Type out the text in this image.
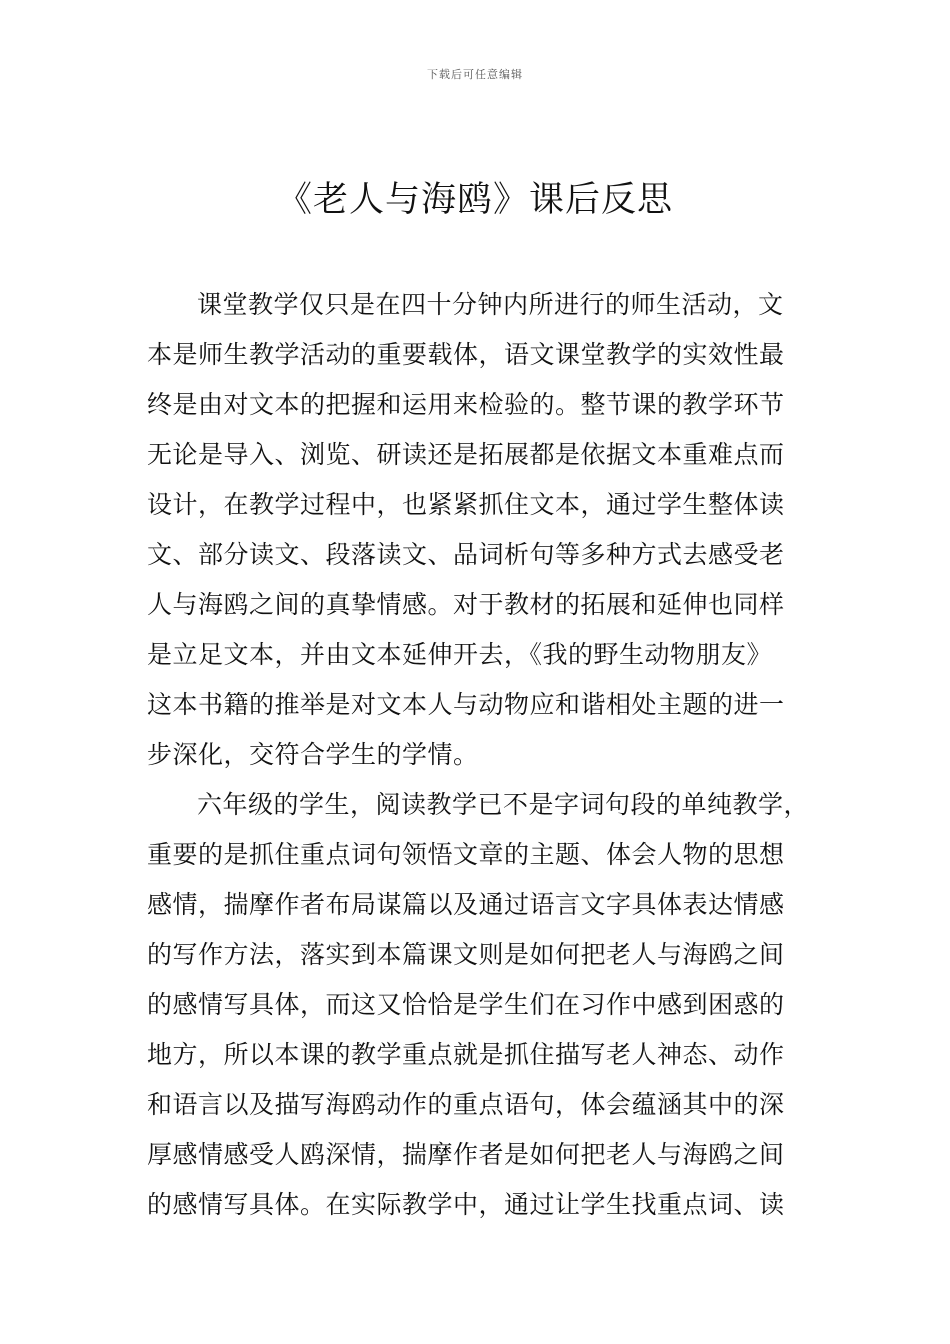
下载后可任意编辑
《老人与海鸥》课后反思
课堂教学仅只是在四十分钟内所进行的师生活动，文
本是师生教学活动的重要载体，语文课堂教学的实效性最
终是由对文本的把握和运用来检验的。整节课的教学环节
无论是导入、浏览、研读还是拓展都是依据文本重难点而
设计，在教学过程中，也紧紧抓住文本，通过学生整体读
文、部分读文、段落读文、品词析句等多种方式去感受老
人与海鸥之间的真挚情感。对于教材的拓展和延伸也同样
是立足文本，并由文本延伸开去，《我的野生动物朋友》
这本书籍的推举是对文本人与动物应和谐相处主题的进一
步深化，交符合学生的学情。
六年级的学生，阅读教学已不是字词句段的单纯教学，
重要的是抓住重点词句领悟文章的主题、体会人物的思想
感情，揣摩作者布局谋篇以及通过语言文字具体表达情感
的写作方法，落实到本篇课文则是如何把老人与海鸥之间
的感情写具体，而这又恰恰是学生们在习作中感到困惑的
地方，所以本课的教学重点就是抓住描写老人神态、动作
和语言以及描写海鸥动作的重点语句，体会蕴涵其中的深
厚感情感受人鸥深情，揣摩作者是如何把老人与海鸥之间
的感情写具体。在实际教学中，通过让学生找重点词、读
